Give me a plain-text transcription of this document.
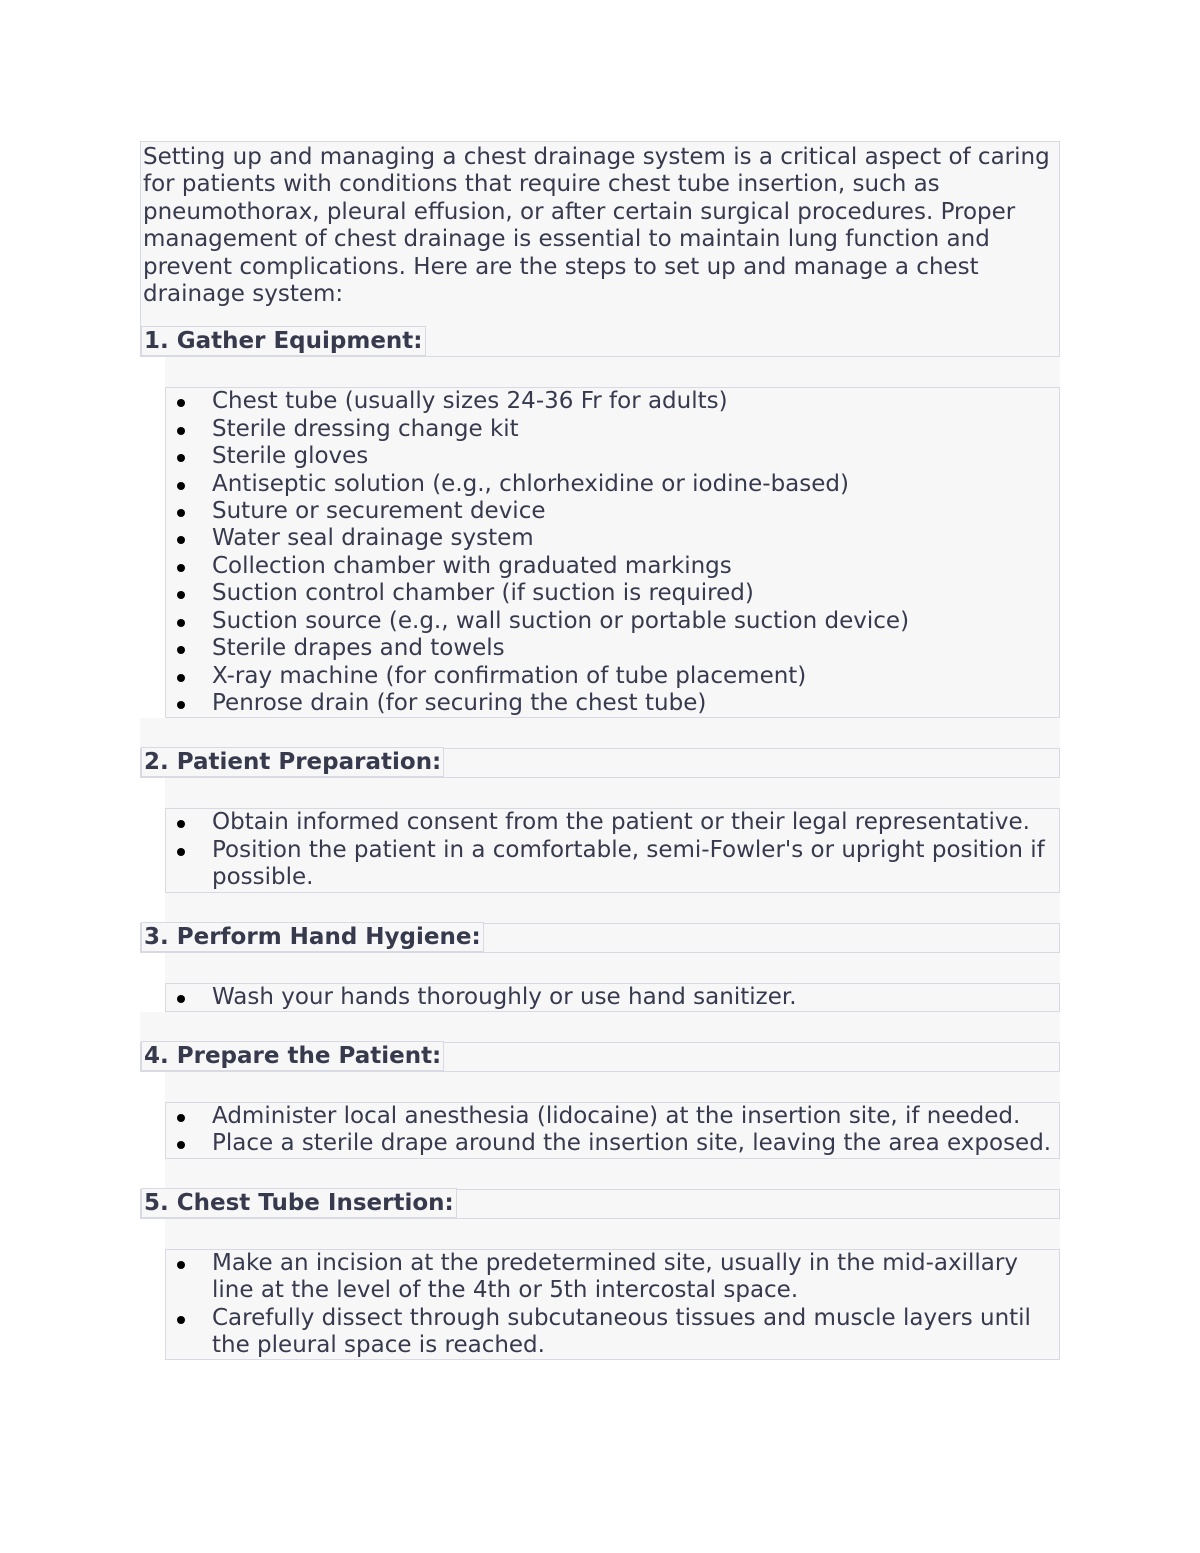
Setting up and managing a chest drainage system is a critical aspect of caring for patients with conditions that require chest tube insertion, such as pneumothorax, pleural effusion, or after certain surgical procedures. Proper management of chest drainage is essential to maintain lung function and prevent complications. Here are the steps to set up and manage a chest drainage system:

1. Gather Equipment:
Chest tube (usually sizes 24-36 Fr for adults)
Sterile dressing change kit
Sterile gloves
Antiseptic solution (e.g., chlorhexidine or iodine-based)
Suture or securement device
Water seal drainage system
Collection chamber with graduated markings
Suction control chamber (if suction is required)
Suction source (e.g., wall suction or portable suction device)
Sterile drapes and towels
X-ray machine (for confirmation of tube placement)
Penrose drain (for securing the chest tube)
2. Patient Preparation:
Obtain informed consent from the patient or their legal representative.
Position the patient in a comfortable, semi-Fowler's or upright position if possible.
3. Perform Hand Hygiene:
Wash your hands thoroughly or use hand sanitizer.
4. Prepare the Patient:
Administer local anesthesia (lidocaine) at the insertion site, if needed.
Place a sterile drape around the insertion site, leaving the area exposed.
5. Chest Tube Insertion:
Make an incision at the predetermined site, usually in the mid-axillary line at the level of the 4th or 5th intercostal space.
Carefully dissect through subcutaneous tissues and muscle layers until the pleural space is reached.
